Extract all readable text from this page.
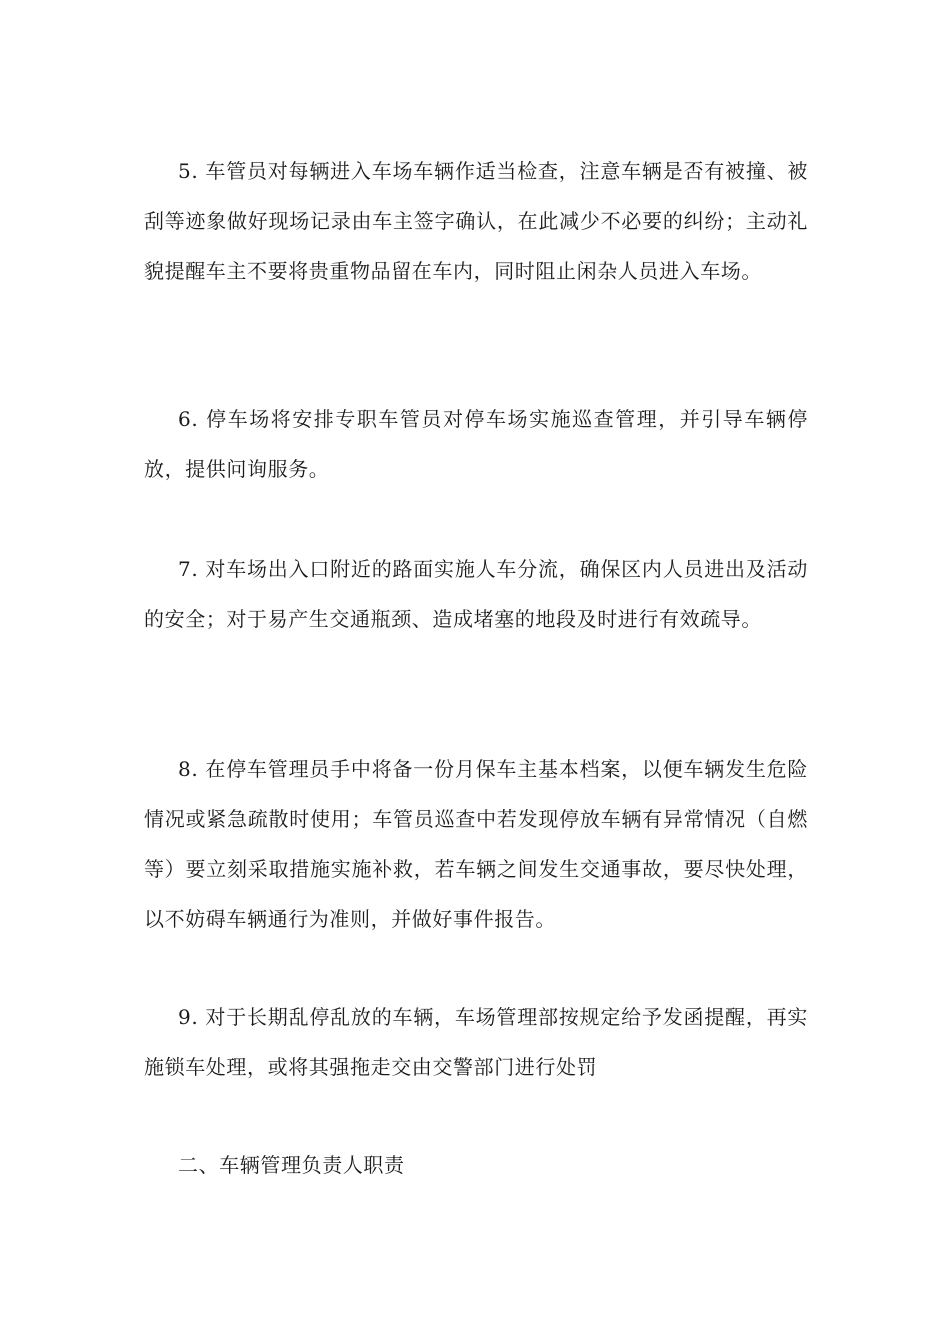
5. 车管员对每辆进入车场车辆作适当检查，注意车辆是否有被撞、被刮等迹象做好现场记录由车主签字确认，在此减少不必要的纠纷；主动礼貌提醒车主不要将贵重物品留在车内，同时阻止闲杂人员进入车场。

6. 停车场将安排专职车管员对停车场实施巡查管理，并引导车辆停放，提供问询服务。

7. 对车场出入口附近的路面实施人车分流，确保区内人员进出及活动的安全；对于易产生交通瓶颈、造成堵塞的地段及时进行有效疏导。

8. 在停车管理员手中将备一份月保车主基本档案，以便车辆发生危险情况或紧急疏散时使用；车管员巡查中若发现停放车辆有异常情况（自燃等）要立刻采取措施实施补救，若车辆之间发生交通事故，要尽快处理，以不妨碍车辆通行为准则，并做好事件报告。

9. 对于长期乱停乱放的车辆，车场管理部按规定给予发函提醒，再实施锁车处理，或将其强拖走交由交警部门进行处罚

二、车辆管理负责人职责
